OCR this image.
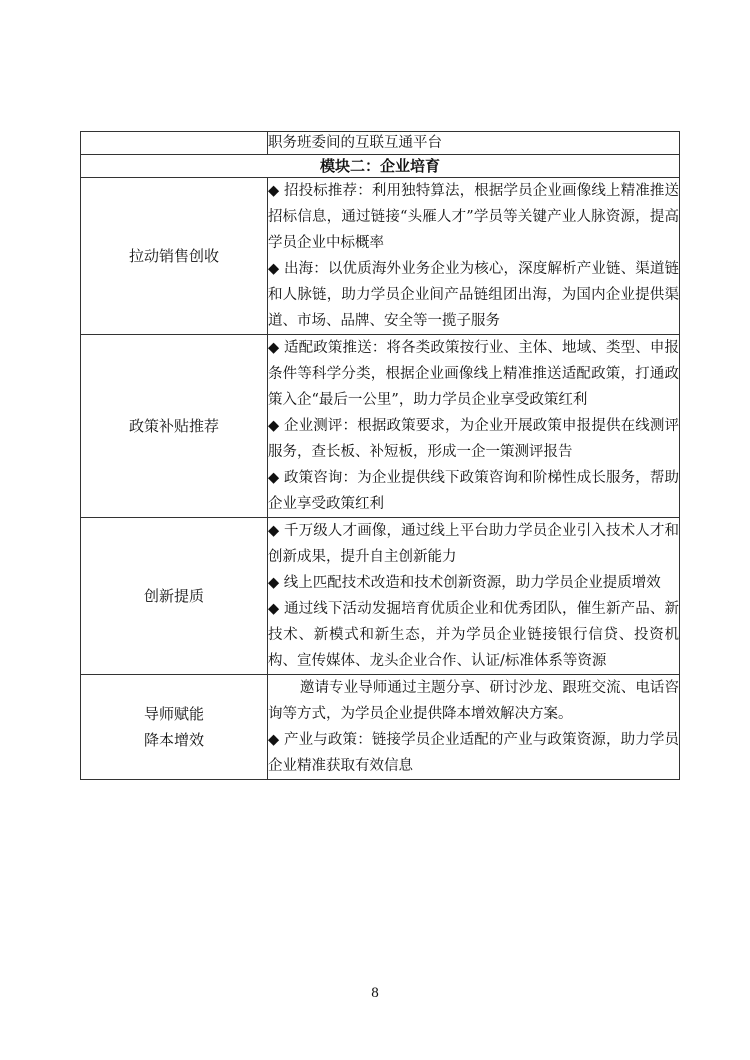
	职务班委间的互联互通平台
模块二：企业培育	

拉动销售创收	◆ 招投标推荐：利用独特算法，根据学员企业画像线上精准推送招标信息，通过链接“头雁人才”学员等关键产业人脉资源，提高学员企业中标概率
◆ 出海：以优质海外业务企业为核心，深度解析产业链、渠道链和人脉链，助力学员企业间产品链组团出海，为国内企业提供渠道、市场、品牌、安全等一揽子服务

政策补贴推荐	◆ 适配政策推送：将各类政策按行业、主体、地域、类型、申报条件等科学分类，根据企业画像线上精准推送适配政策，打通政策入企“最后一公里”，助力学员企业享受政策红利
◆ 企业测评：根据政策要求，为企业开展政策申报提供在线测评服务，查长板、补短板，形成一企一策测评报告
◆ 政策咨询：为企业提供线下政策咨询和阶梯性成长服务，帮助企业享受政策红利

创新提质	◆ 千万级人才画像，通过线上平台助力学员企业引入技术人才和创新成果，提升自主创新能力
◆ 线上匹配技术改造和技术创新资源，助力学员企业提质增效
◆ 通过线下活动发掘培育优质企业和优秀团队，催生新产品、新技术、新模式和新生态，并为学员企业链接银行信贷、投资机构、宣传媒体、龙头企业合作、认证/标准体系等资源

导师赋能
降本增效	邀请专业导师通过主题分享、研讨沙龙、跟班交流、电话咨询等方式，为学员企业提供降本增效解决方案。
◆ 产业与政策：链接学员企业适配的产业与政策资源，助力学员企业精准获取有效信息
8
